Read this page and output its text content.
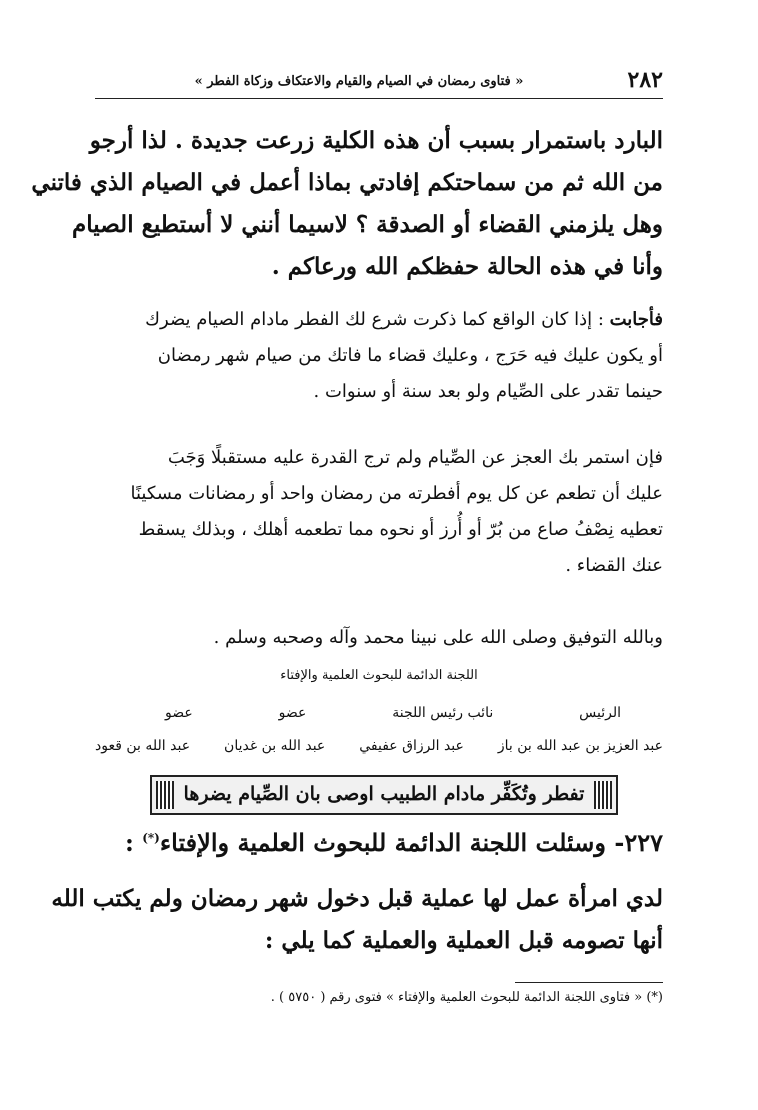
٢٨٢
« فتاوى رمضان في الصيام والقيام والاعتكاف وزكاة الفطر »
البارد باستمرار بسبب أن هذه الكلية زرعت جديدة . لذا أرجو
من الله ثم من سماحتكم إفادتي بماذا أعمل في الصيام الذي فاتني
وهل يلزمني القضاء أو الصدقة ؟ لاسيما أنني لا أستطيع الصيام
وأنا في هذه الحالة حفظكم الله ورعاكم .
فأجابت : إذا كان الواقع كما ذكرت شرع لك الفطر مادام الصيام يضرك
أو يكون عليك فيه حَرَج ، وعليك قضاء ما فاتك من صيام شهر رمضان
حينما تقدر على الصِّيام ولو بعد سنة أو سنوات .
فإن استمر بك العجز عن الصِّيام ولم ترج القدرة عليه مستقبلًا وَجَبَ
عليك أن تطعم عن كل يوم أفطرته من رمضان واحد أو رمضانات مسكينًا
تعطيه نِصْفُ صاع من بُرّ أو أُرز أو نحوه مما تطعمه أهلك ، وبذلك يسقط
عنك القضاء .
وبالله التوفيق وصلى الله على نبينا محمد وآله وصحبه وسلم .
اللجنة الدائمة للبحوث العلمية والإفتاء
الرئيس
نائب رئيس اللجنة
عضو
عضو
عبد العزيز بن عبد الله بن باز
عبد الرزاق عفيفي
عبد الله بن غديان
عبد الله بن قعود
تفطر وتُكَفِّر مادام الطبيب اوصى بان الصِّيام يضرها
٢٢٧- وسئلت اللجنة الدائمة للبحوث العلمية والإفتاء(*) :
لدي امرأة عمل لها عملية قبل دخول شهر رمضان ولم يكتب الله
أنها تصومه قبل العملية والعملية كما يلي :
(*) « فتاوى اللجنة الدائمة للبحوث العلمية والإفتاء » فتوى رقم ( ٥٧٥٠ ) .
